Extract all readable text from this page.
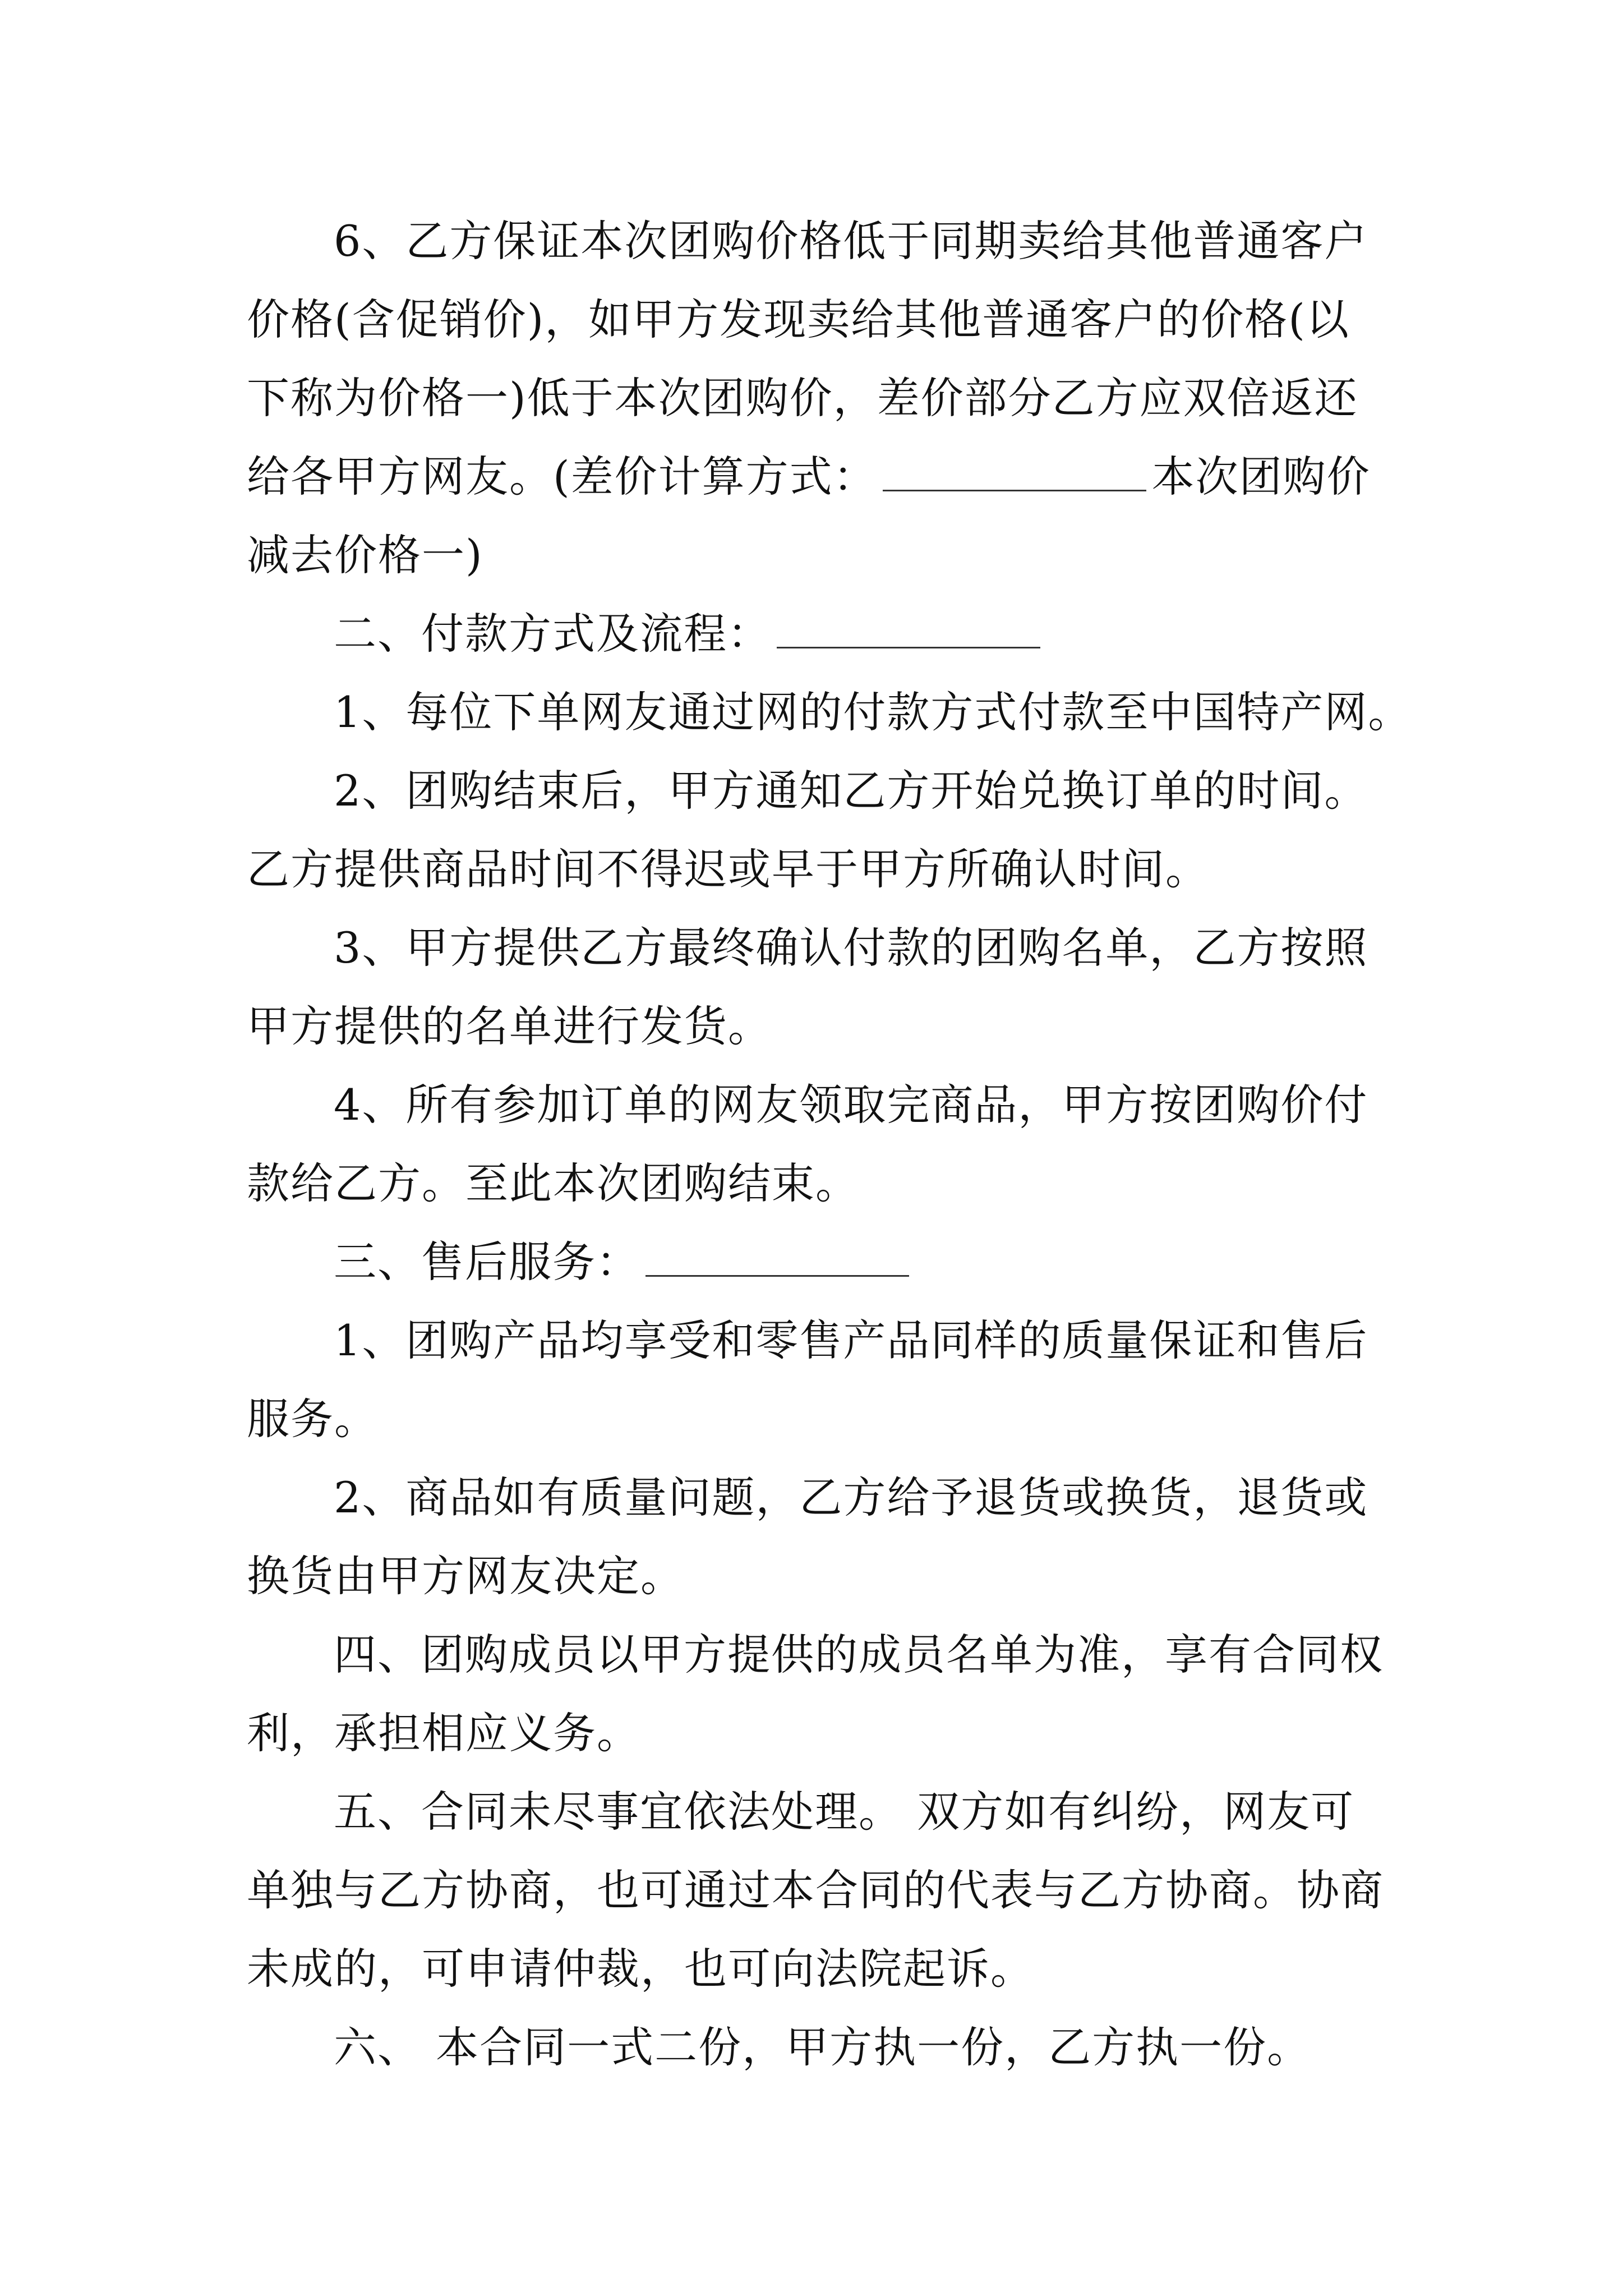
6、乙方保证本次团购价格低于同期卖给其他普通客户
价格(含促销价)，如甲方发现卖给其他普通客户的价格(以
下称为价格一)低于本次团购价，差价部分乙方应双倍返还
给各甲方网友。(差价计算方式：	本次团购价
减去价格一)
二、付款方式及流程：
1、每位下单网友通过网的付款方式付款至中国特产网。
2、团购结束后，甲方通知乙方开始兑换订单的时间。
乙方提供商品时间不得迟或早于甲方所确认时间。
3、甲方提供乙方最终确认付款的团购名单，乙方按照
甲方提供的名单进行发货。
4、所有参加订单的网友领取完商品，甲方按团购价付
款给乙方。至此本次团购结束。
三、售后服务：
1、团购产品均享受和零售产品同样的质量保证和售后
服务。
2、商品如有质量问题，乙方给予退货或换货，退货或
换货由甲方网友决定。
四、团购成员以甲方提供的成员名单为准，享有合同权
利，承担相应义务。
五、合同未尽事宜依法处理。 双方如有纠纷，网友可
单独与乙方协商，也可通过本合同的代表与乙方协商。协商
未成的，可申请仲裁，也可向法院起诉。
六、 本合同一式二份，甲方执一份，乙方执一份。
